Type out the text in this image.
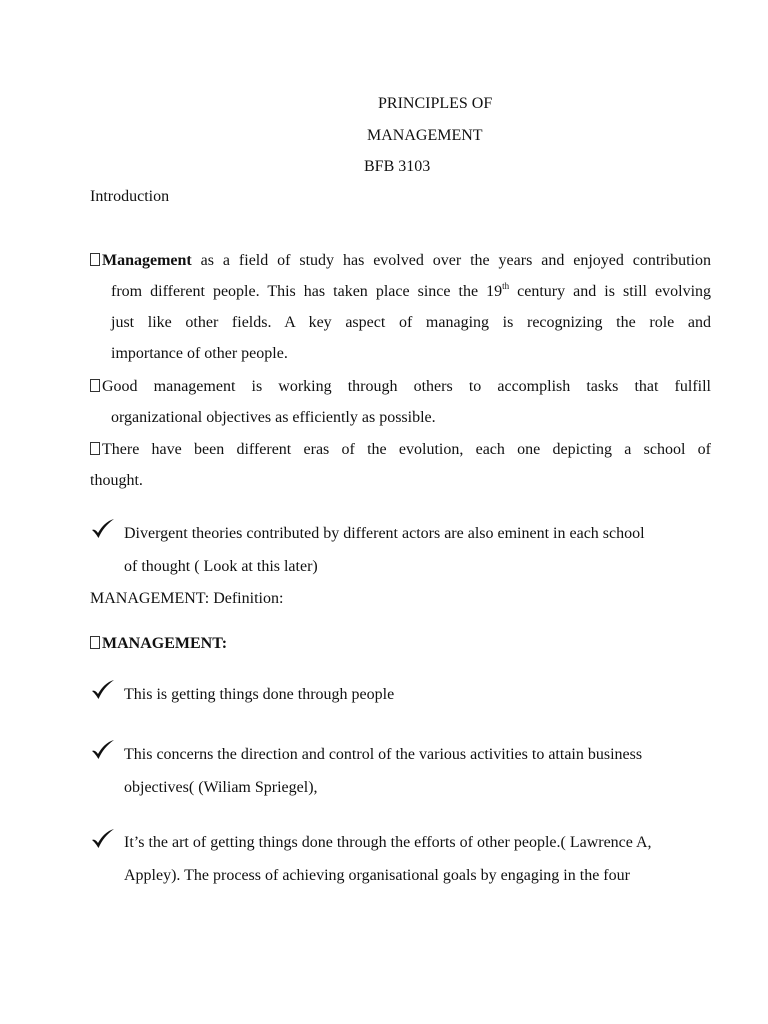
PRINCIPLES OF
MANAGEMENT
BFB 3103
Introduction
Management as a field of study has evolved over the years and enjoyed contribution
from different people. This has taken place since the 19th century and is still evolving
just like other fields. A key aspect of managing is recognizing the role and
importance of other people.
Good management is working through others to accomplish tasks that fulfill
organizational objectives as efficiently as possible.
There have been different eras of the evolution, each one depicting a school of
thought.
Divergent theories contributed by different actors are also eminent in each school
of thought ( Look at this later)
MANAGEMENT: Definition:
MANAGEMENT:
This is getting things done through people
This concerns the direction and control of the various activities to attain business
objectives( (Wiliam Spriegel),
It’s the art of getting things done through the efforts of other people.( Lawrence A,
Appley). The process of achieving organisational goals by engaging in the four
